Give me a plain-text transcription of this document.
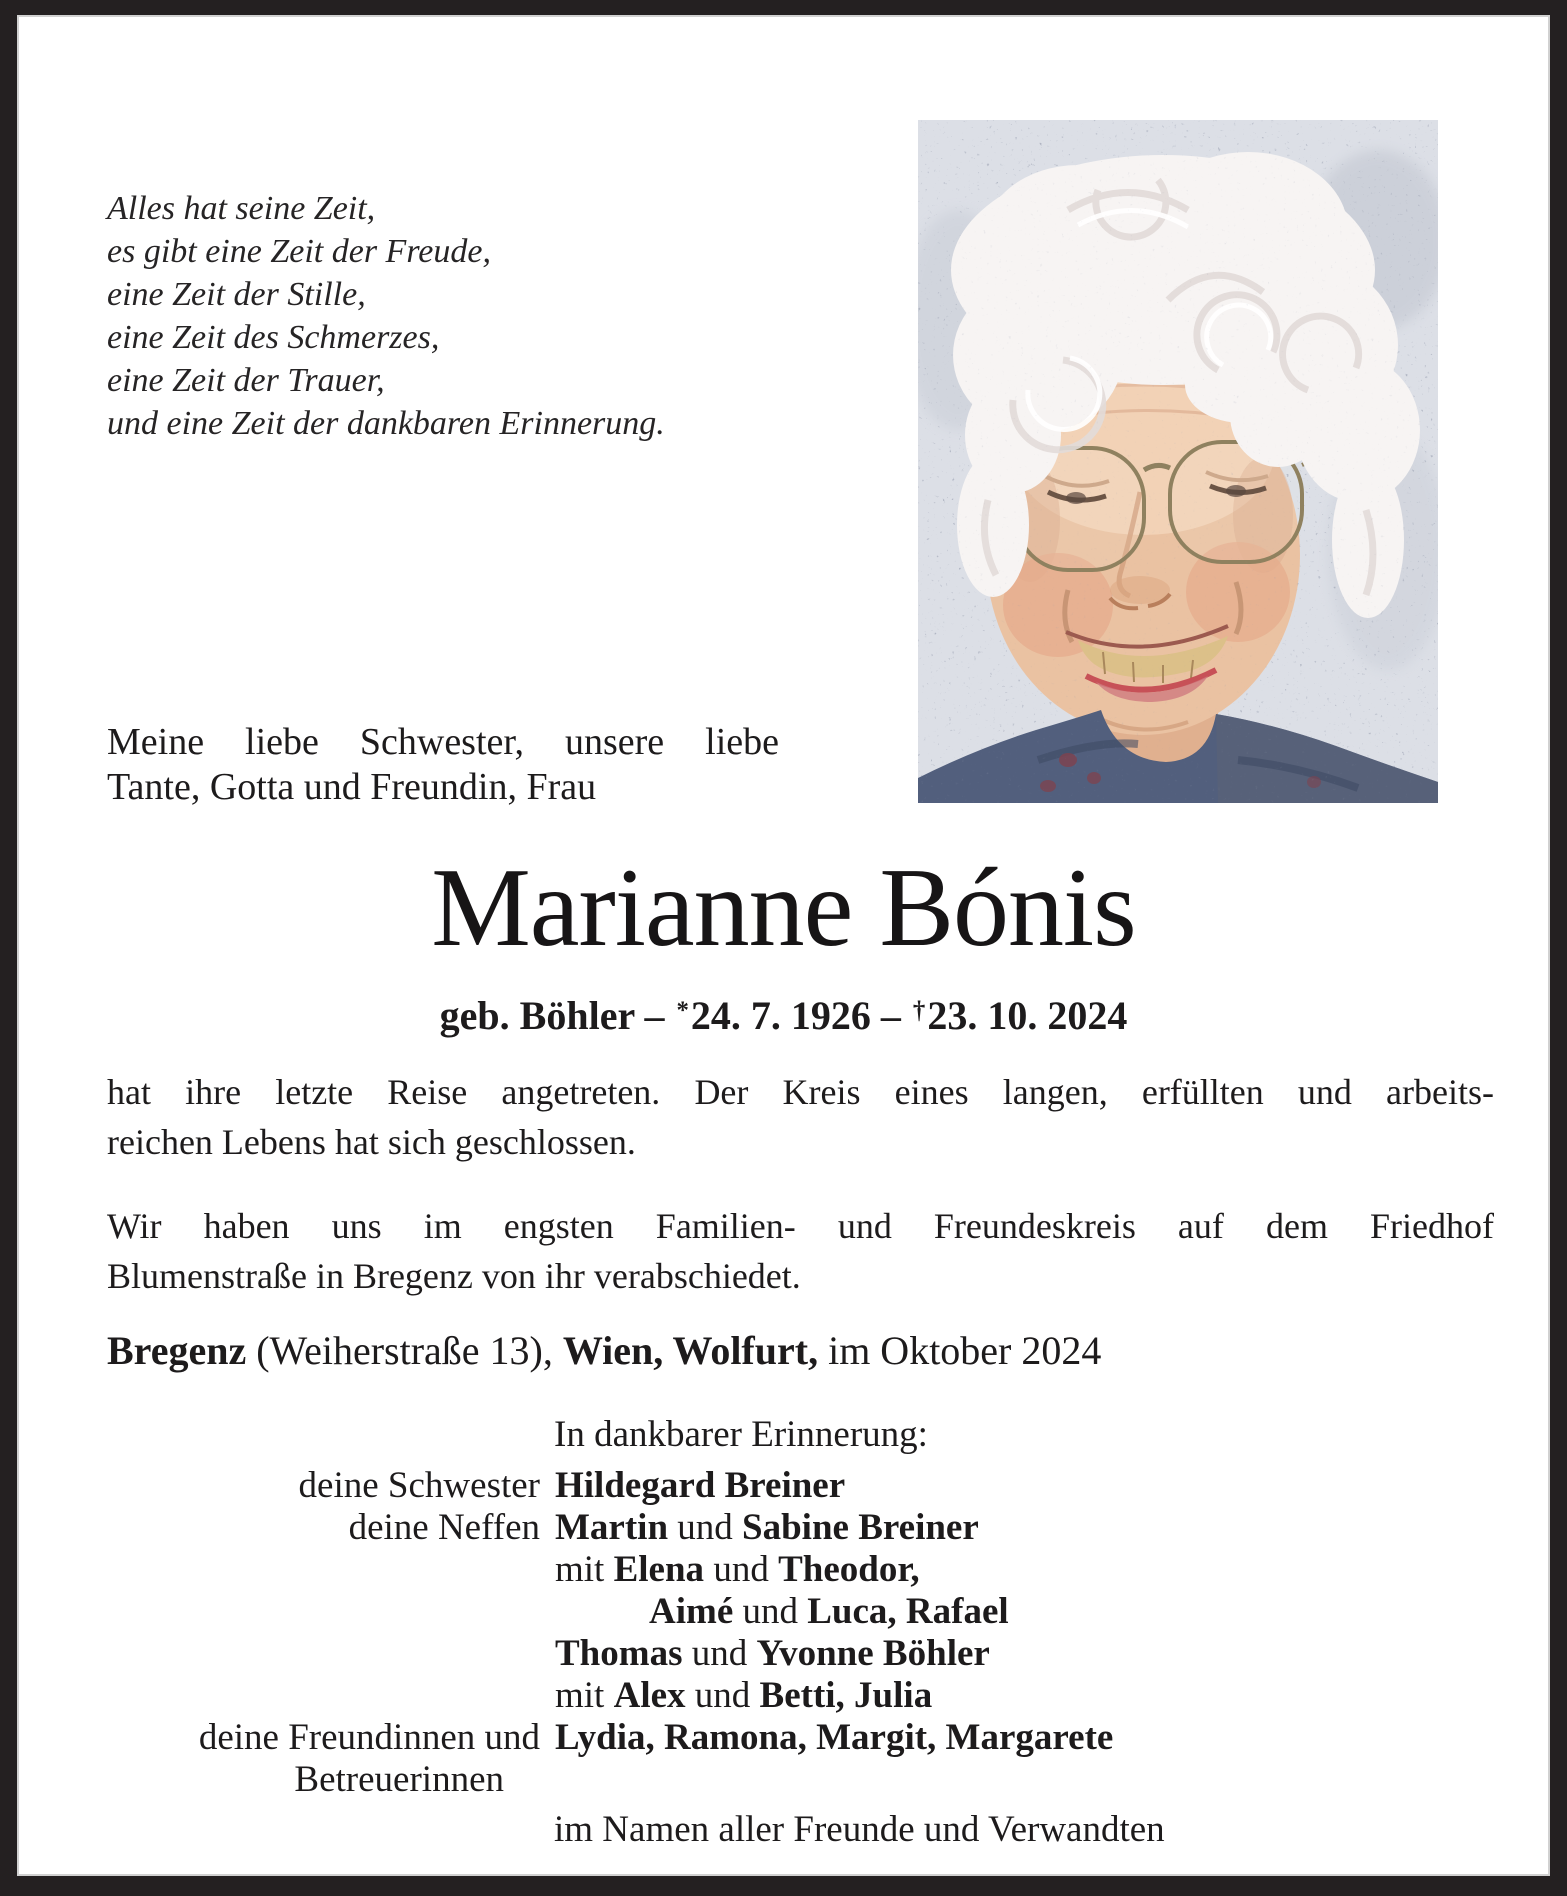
Alles hat seine Zeit,
es gibt eine Zeit der Freude,
eine Zeit der Stille,
eine Zeit des Schmerzes,
eine Zeit der Trauer,
und eine Zeit der dankbaren Erinnerung.
Meine liebe Schwester, unsere liebe
Tante, Gotta und Freundin, Frau
Marianne Bónis
geb. Böhler – *24. 7. 1926 – †23. 10. 2024
hat ihre letzte Reise angetreten. Der Kreis eines langen, erfüllten und arbeits-
reichen Lebens hat sich geschlossen.
Wir haben uns im engsten Familien- und Freundeskreis auf dem Friedhof
Blumenstraße in Bregenz von ihr verabschiedet.
Bregenz (Weiherstraße 13), Wien, Wolfurt, im Oktober 2024
In dankbarer Erinnerung:
deine Schwester Hildegard Breiner
deine Neffen Martin und Sabine Breiner
mit Elena und Theodor,
Aimé und Luca, Rafael
Thomas und Yvonne Böhler
mit Alex und Betti, Julia
deine Freundinnen und Lydia, Ramona, Margit, Margarete
Betreuerinnen
im Namen aller Freunde und Verwandten
